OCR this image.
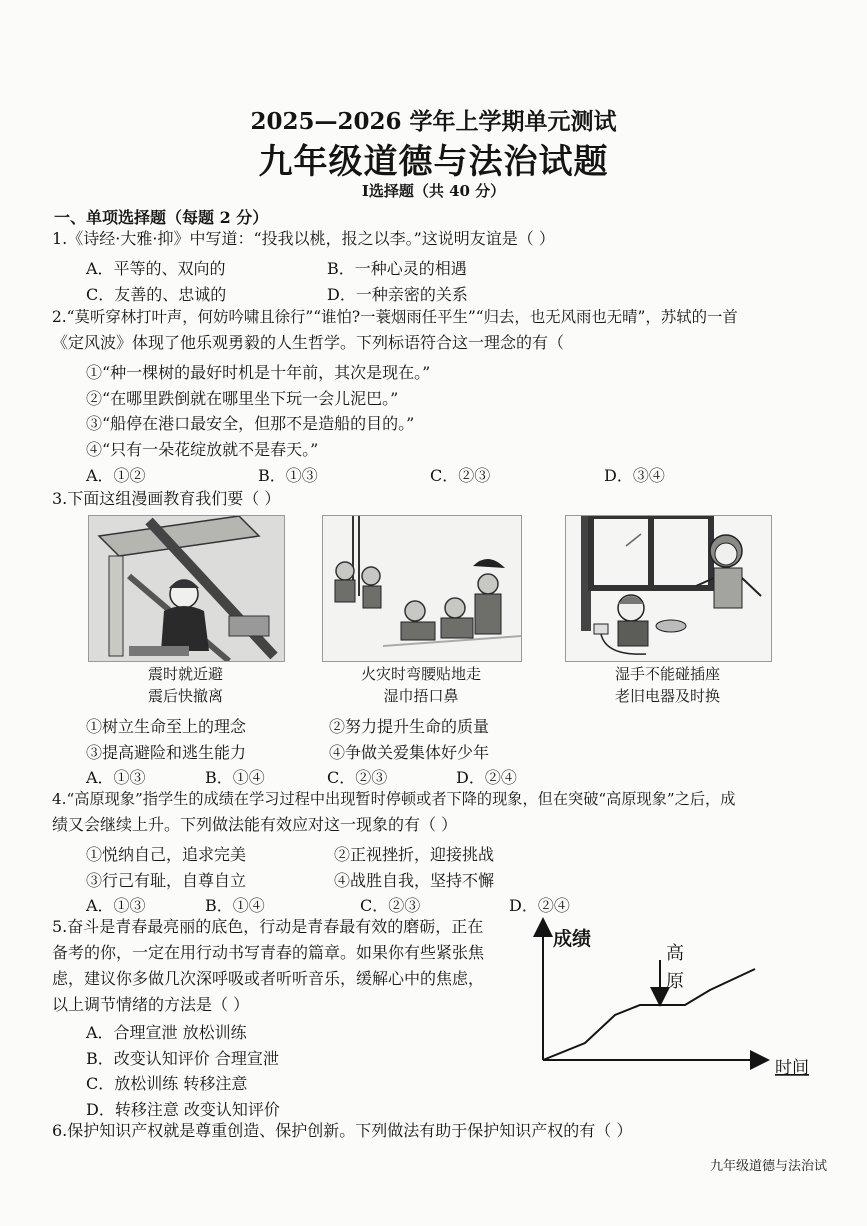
2025—2026 学年上学期单元测试
九年级道德与法治试题
I选择题（共 40 分）
一、单项选择题（每题 2 分）
1.《诗经·大雅·抑》中写道：“投我以桃，报之以李。”这说明友谊是（ ）
A．平等的、双向的	B．一种心灵的相遇
C．友善的、忠诚的	D．一种亲密的关系
2.“莫听穿林打叶声，何妨吟啸且徐行”“谁怕?一蓑烟雨任平生”“归去，也无风雨也无晴”，苏轼的一首
《定风波》体现了他乐观勇毅的人生哲学。下列标语符合这一理念的有（
①“种一棵树的最好时机是十年前，其次是现在。”
②“在哪里跌倒就在哪里坐下玩一会儿泥巴。”
③“船停在港口最安全，但那不是造船的目的。”
④“只有一朵花绽放就不是春天。”
A．①②	B．①③	C．②③	D．③④
3.下面这组漫画教育我们要（ ）
震时就近避
震后快撤离
火灾时弯腰贴地走
湿巾捂口鼻
湿手不能碰插座
老旧电器及时换
①树立生命至上的理念	②努力提升生命的质量
③提高避险和逃生能力	④争做关爱集体好少年
A．①③	B．①④	C．②③	D．②④
4.“高原现象”指学生的成绩在学习过程中出现暂时停顿或者下降的现象，但在突破“高原现象”之后，成
绩又会继续上升。下列做法能有效应对这一现象的有（ ）
①悦纳自己，追求完美	②正视挫折，迎接挑战
③行己有耻，自尊自立	④战胜自我，坚持不懈
A．①③	B．①④	C．②③	D．②④
5.奋斗是青春最亮丽的底色，行动是青春最有效的磨砺，正在
备考的你，一定在用行动书写青春的篇章。如果你有些紧张焦
虑，建议你多做几次深呼吸或者听听音乐，缓解心中的焦虑，
以上调节情绪的方法是（ ）
A．合理宣泄 放松训练
B．改变认知评价 合理宣泄
C．放松训练 转移注意
D．转移注意 改变认知评价
成绩
时间
高
原
6.保护知识产权就是尊重创造、保护创新。下列做法有助于保护知识产权的有（ ）
九年级道德与法治试
